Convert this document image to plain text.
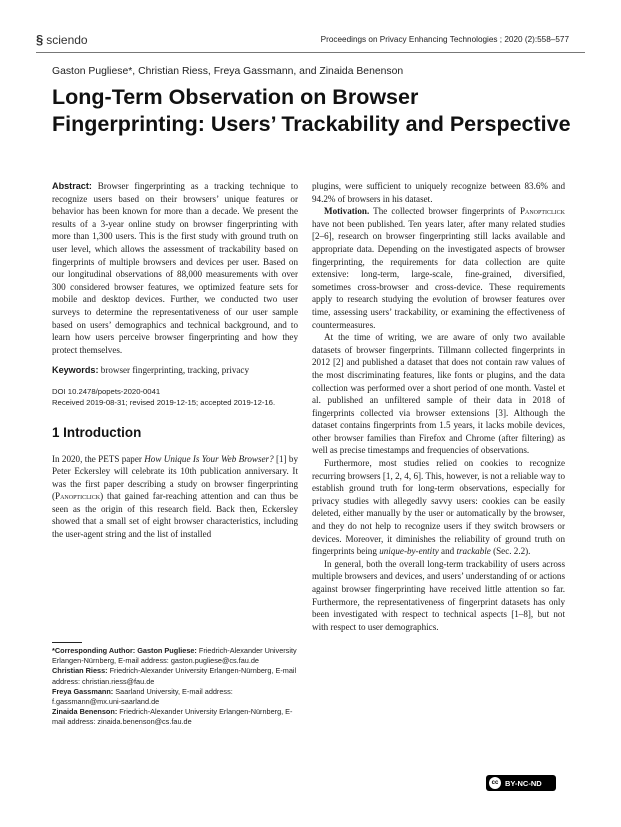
§ sciendo	Proceedings on Privacy Enhancing Technologies ; 2020 (2):558–577
Gaston Pugliese*, Christian Riess, Freya Gassmann, and Zinaida Benenson
Long-Term Observation on Browser Fingerprinting: Users’ Trackability and Perspective

Abstract: Browser fingerprinting as a tracking technique to recognize users based on their browsers’ unique features or behavior has been known for more than a decade. We present the results of a 3-year online study on browser fingerprinting with more than 1,300 users. This is the first study with ground truth on user level, which allows the assessment of trackability based on fingerprints of multiple browsers and devices per user. Based on our longitudinal observations of 88,000 measurements with over 300 considered browser features, we optimized feature sets for mobile and desktop devices. Further, we conducted two user surveys to determine the representativeness of our user sample based on users’ demographics and technical background, and to learn how users perceive browser fingerprinting and how they protect themselves.

Keywords: browser fingerprinting, tracking, privacy

DOI 10.2478/popets-2020-0041
Received 2019-08-31; revised 2019-12-15; accepted 2019-12-16.

1 Introduction

In 2020, the PETS paper How Unique Is Your Web Browser? [1] by Peter Eckersley will celebrate its 10th publication anniversary. It was the first paper describing a study on browser fingerprinting (Panopticlick) that gained far-reaching attention and can thus be seen as the origin of this research field. Back then, Eckersley showed that a small set of eight browser characteristics, including the user-agent string and the list of installed

*Corresponding Author: Gaston Pugliese: Friedrich-Alexander University Erlangen-Nürnberg, E-mail address: gaston.pugliese@cs.fau.de

Christian Riess: Friedrich-Alexander University Erlangen-Nürnberg, E-mail address: christian.riess@fau.de

Freya Gassmann: Saarland University, E-mail address: f.gassmann@mx.uni-saarland.de

Zinaida Benenson: Friedrich-Alexander University Erlangen-Nürnberg, E-mail address: zinaida.benenson@cs.fau.de

plugins, were sufficient to uniquely recognize between 83.6% and 94.2% of browsers in his dataset.

Motivation. The collected browser fingerprints of Panopticlick have not been published. Ten years later, after many related studies [2–6], research on browser fingerprinting still lacks available and appropriate data. Depending on the investigated aspects of browser fingerprinting, the requirements for data collection are quite extensive: long-term, large-scale, fine-grained, diversified, sometimes cross-browser and cross-device. These requirements apply to research studying the evolution of browser features over time, assessing users’ trackability, or examining the effectiveness of countermeasures.

At the time of writing, we are aware of only two available datasets of browser fingerprints. Tillmann collected fingerprints in 2012 [2] and published a dataset that does not contain raw values of the most discriminating features, like fonts or plugins, and the data collection was performed over a short period of one month. Vastel et al. published an unfiltered sample of their data in 2018 of fingerprints collected via browser extensions [3]. Although the dataset contains fingerprints from 1.5 years, it lacks mobile devices, other browser families than Firefox and Chrome (after filtering) as well as precise timestamps and frequencies of observations.

Furthermore, most studies relied on cookies to recognize recurring browsers [1, 2, 4, 6]. This, however, is not a reliable way to establish ground truth for long-term observations, especially for privacy studies with allegedly savvy users: cookies can be easily deleted, either manually by the user or automatically by the browser, and they do not help to recognize users if they switch browsers or devices. Moreover, it diminishes the reliability of ground truth on fingerprints being unique-by-entity and trackable (Sec. 2.2).

In general, both the overall long-term trackability of users across multiple browsers and devices, and users’ understanding of or actions against browser fingerprinting have received little attention so far. Furthermore, the representativeness of fingerprint datasets has only been investigated with respect to technical aspects [1–8], but not with respect to user demographics.

cc BY-NC-ND
